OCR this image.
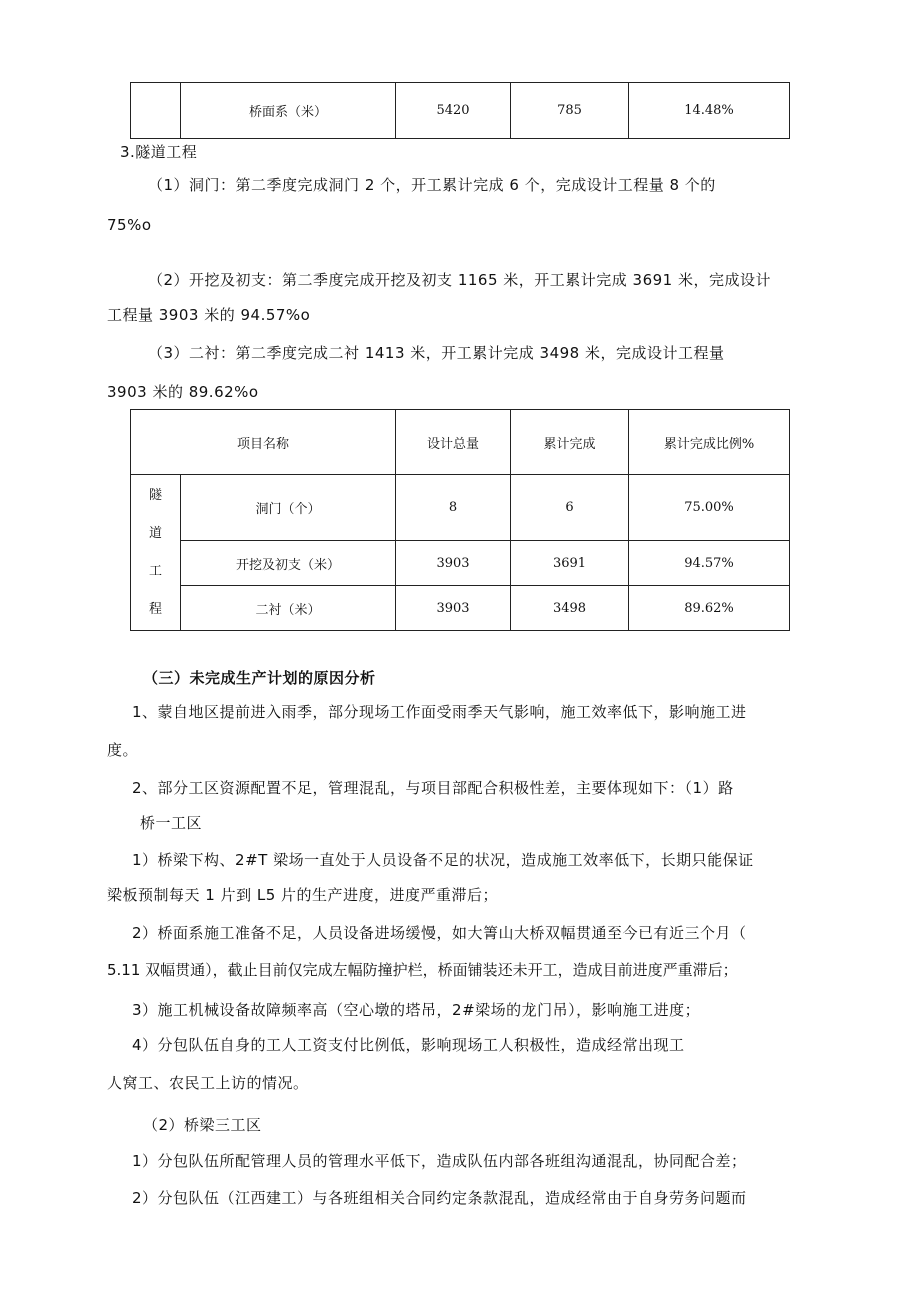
	桥面系（米）	5420	785	14.48%
3.隧道工程
（1）洞门：第二季度完成洞门 2 个，开工累计完成 6 个，完成设计工程量 8 个的
75%o
（2）开挖及初支：第二季度完成开挖及初支 1165 米，开工累计完成 3691 米，完成设计
工程量 3903 米的 94.57%o
（3）二衬：第二季度完成二衬 1413 米，开工累计完成 3498 米，完成设计工程量
3903 米的 89.62%o
项目名称		设计总量	累计完成	累计完成比例%

隧
道
工
程	洞门（个）	8	6	75.00%
	开挖及初支（米）	3903	3691	94.57%
	二衬（米）	3903	3498	89.62%
（三）未完成生产计划的原因分析
1、蒙自地区提前进入雨季，部分现场工作面受雨季天气影响，施工效率低下，影响施工进
度。
2、部分工区资源配置不足，管理混乱，与项目部配合积极性差，主要体现如下：（1）路
桥一工区
1）桥梁下构、2#T 梁场一直处于人员设备不足的状况，造成施工效率低下，长期只能保证
梁板预制每天 1 片到 L5 片的生产进度，进度严重滞后；
2）桥面系施工准备不足，人员设备进场缓慢，如大箐山大桥双幅贯通至今已有近三个月（
5.11 双幅贯通），截止目前仅完成左幅防撞护栏，桥面铺装还未开工，造成目前进度严重滞后；
3）施工机械设备故障频率高（空心墩的塔吊，2#梁场的龙门吊），影响施工进度；
4）分包队伍自身的工人工资支付比例低，影响现场工人积极性，造成经常出现工
人窝工、农民工上访的情况。
（2）桥梁三工区
1）分包队伍所配管理人员的管理水平低下，造成队伍内部各班组沟通混乱，协同配合差；
2）分包队伍（江西建工）与各班组相关合同约定条款混乱，造成经常由于自身劳务问题而
